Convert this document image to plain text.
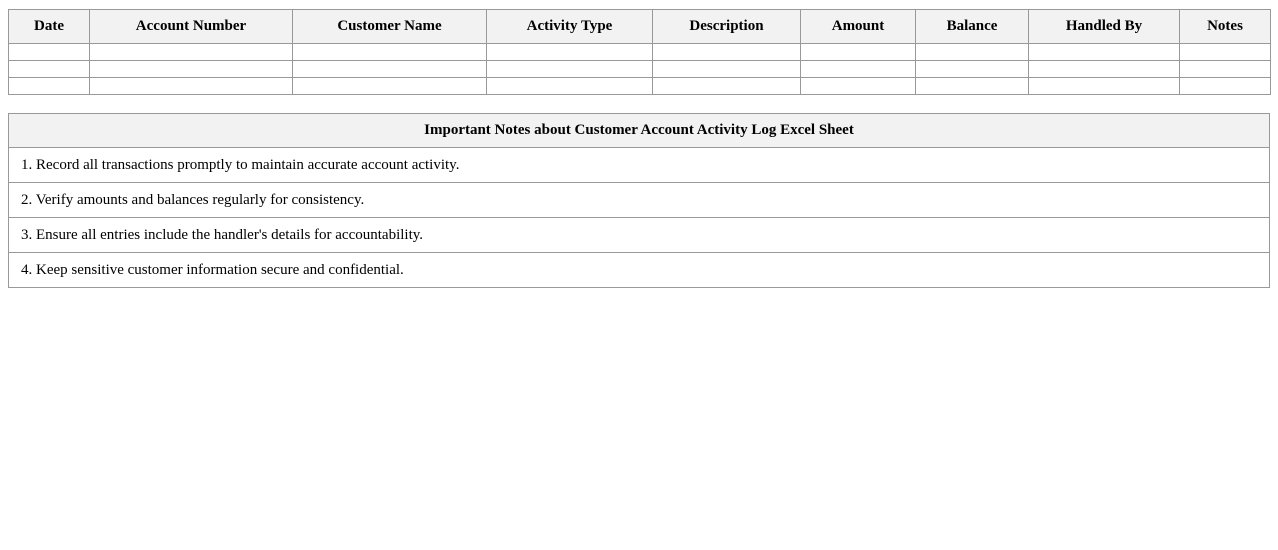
Date	Account Number	Customer Name	Activity Type	Description	Amount	Balance	Handled By	Notes

Important Notes about Customer Account Activity Log Excel Sheet
1. Record all transactions promptly to maintain accurate account activity.
2. Verify amounts and balances regularly for consistency.
3. Ensure all entries include the handler's details for accountability.
4. Keep sensitive customer information secure and confidential.
